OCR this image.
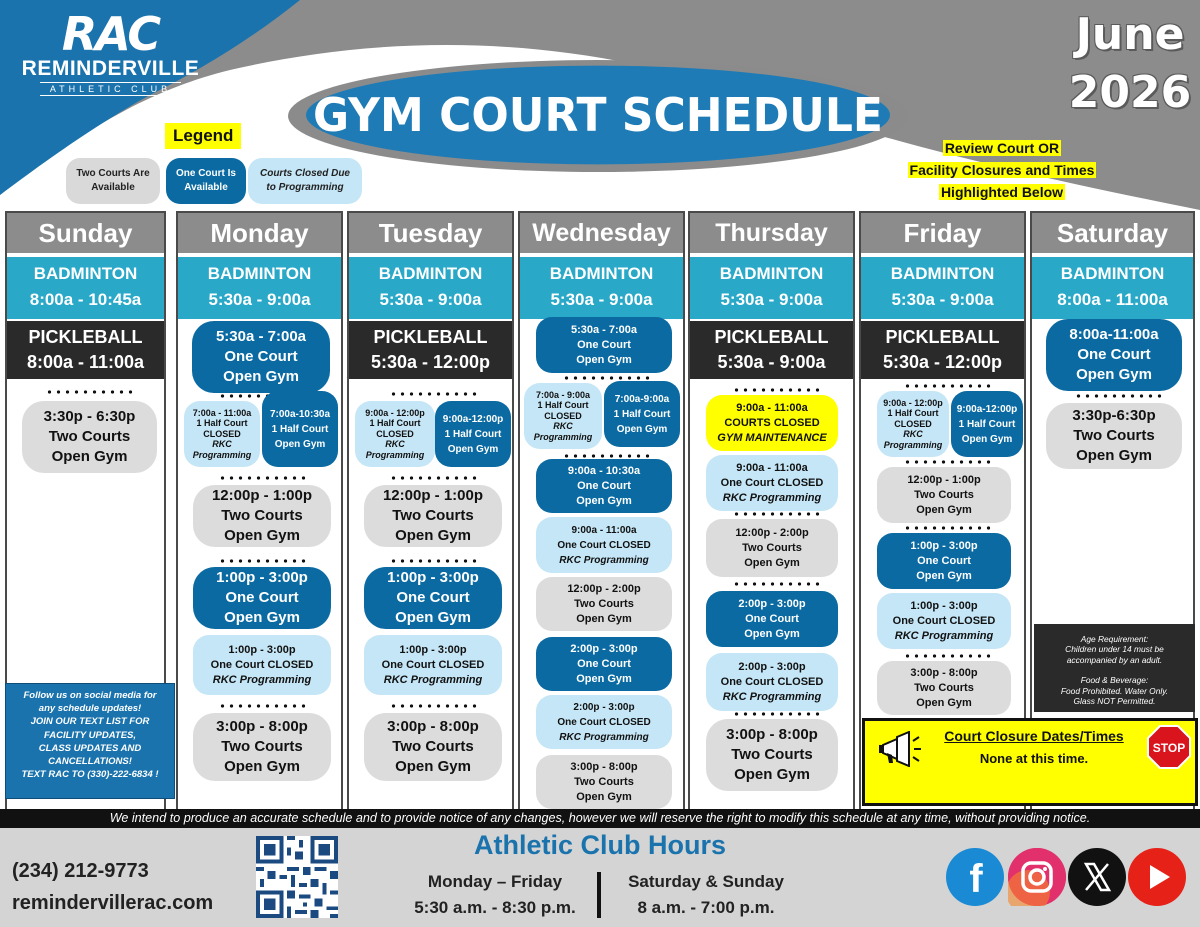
RAC
REMINDERVILLE
ATHLETIC CLUB	GYM COURT SCHEDULE
June
2026
Legend
Two Courts Are Available
One Court Is Available
Courts Closed Due to Programming
Review Court OR
Facility Closures and Times
Highlighted Below
Sunday
BADMINTON
8:00a - 10:45a
PICKLEBALL
8:00a - 11:00a
3:30p - 6:30p
Two Courts
Open Gym
Monday
BADMINTON
5:30a - 9:00a
5:30a - 7:00a
One Court
Open Gym
7:00a - 11:00a
1 Half Court
CLOSED
RKC
Programming
7:00a-10:30a
1 Half Court
Open Gym
12:00p - 1:00p
Two Courts
Open Gym
1:00p - 3:00p
One Court
Open Gym
1:00p - 3:00p
One Court CLOSED
RKC Programming
3:00p - 8:00p
Two Courts
Open Gym
Tuesday
BADMINTON
5:30a - 9:00a
PICKLEBALL
5:30a - 12:00p
9:00a - 12:00p
1 Half Court
CLOSED
RKC
Programming
9:00a-12:00p
1 Half Court
Open Gym
12:00p - 1:00p
Two Courts
Open Gym
1:00p - 3:00p
One Court
Open Gym
1:00p - 3:00p
One Court CLOSED
RKC Programming
3:00p - 8:00p
Two Courts
Open Gym
Wednesday
BADMINTON
5:30a - 9:00a
5:30a - 7:00a
One Court
Open Gym
7:00a - 9:00a
1 Half Court
CLOSED
RKC
Programming
7:00a-9:00a
1 Half Court
Open Gym
9:00a - 10:30a
One Court
Open Gym
9:00a - 11:00a
One Court CLOSED
RKC Programming
12:00p - 2:00p
Two Courts
Open Gym
2:00p - 3:00p
One Court
Open Gym
2:00p - 3:00p
One Court CLOSED
RKC Programming
3:00p - 8:00p
Two Courts
Open Gym
Thursday
BADMINTON
5:30a - 9:00a
PICKLEBALL
5:30a - 9:00a
9:00a - 11:00a
COURTS CLOSED
GYM MAINTENANCE
9:00a - 11:00a
One Court CLOSED
RKC Programming
12:00p - 2:00p
Two Courts
Open Gym
2:00p - 3:00p
One Court
Open Gym
2:00p - 3:00p
One Court CLOSED
RKC Programming
3:00p - 8:00p
Two Courts
Open Gym
Friday
BADMINTON
5:30a - 9:00a
PICKLEBALL
5:30a - 12:00p
9:00a - 12:00p
1 Half Court
CLOSED
RKC
Programming
9:00a-12:00p
1 Half Court
Open Gym
12:00p - 1:00p
Two Courts
Open Gym
1:00p - 3:00p
One Court
Open Gym
1:00p - 3:00p
One Court CLOSED
RKC Programming
3:00p - 8:00p
Two Courts
Open Gym
Saturday
BADMINTON
8:00a - 11:00a
8:00a-11:00a
One Court
Open Gym
3:30p-6:30p
Two Courts
Open Gym
Follow us on social media for
any schedule updates!
JOIN OUR TEXT LIST FOR
FACILITY UPDATES,
CLASS UPDATES AND
CANCELLATIONS!
TEXT RAC TO (330)-222-6834 !
Age Requirement:
Children under 14 must be
accompanied by an adult.
Food & Beverage:
Food Prohibited. Water Only.
Glass NOT Permitted.
Court Closure Dates/Times
None at this time.
STOP
We intend to produce an accurate schedule and to provide notice of any changes, however we will reserve the right to modify this schedule at any time, without providing notice.
(234) 212-9773
remindervillerac.com
Athletic Club Hours
Monday – Friday
5:30 a.m. - 8:30 p.m.
Saturday & Sunday
8 a.m. - 7:00 p.m.
f
